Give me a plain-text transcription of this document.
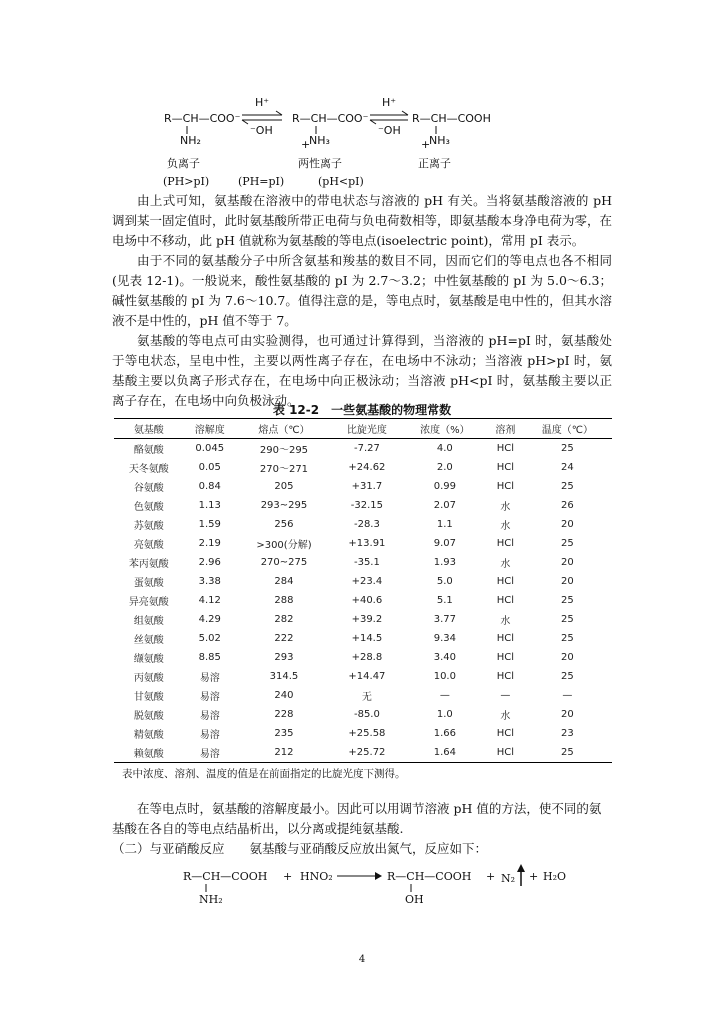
R—CH—COO⁻
NH₂
H⁺
⁻OH
R—CH—COO⁻
+
NH₃
H⁺
⁻OH
R—CH—COOH
+
NH₃
负离子	两性离子	正离子
(PH>pI)	(PH=pI)	(pH<pI)

由上式可知，氨基酸在溶液中的带电状态与溶液的 pH 有关。当将氨基酸溶液的 pH 调到某一固定值时，此时氨基酸所带正电荷与负电荷数相等，即氨基酸本身净电荷为零，在电场中不移动，此 pH 值就称为氨基酸的等电点(isoelectric point)，常用 pI 表示。

由于不同的氨基酸分子中所含氨基和羧基的数目不同，因而它们的等电点也各不相同(见表 12-1)。一般说来，酸性氨基酸的 pI 为 2.7～3.2；中性氨基酸的 pI 为 5.0～6.3；碱性氨基酸的 pI 为 7.6～10.7。值得注意的是，等电点时，氨基酸是电中性的，但其水溶液不是中性的，pH 值不等于 7。

氨基酸的等电点可由实验测得，也可通过计算得到，当溶液的 pH=pI 时，氨基酸处于等电状态，呈电中性，主要以两性离子存在，在电场中不泳动；当溶液 pH>pI 时，氨基酸主要以负离子形式存在，在电场中向正极泳动；当溶液 pH<pI 时，氨基酸主要以正离子存在，在电场中向负极泳动。

表 12-2　一些氨基酸的物理常数
氨基酸	溶解度	熔点（℃）	比旋光度	浓度（%）	溶剂	温度（℃）
酪氨酸	0.045	290～295	-7.27	4.0	HCl	25
天冬氨酸	0.05	270～271	+24.62	2.0	HCl	24
谷氨酸	0.84	205	+31.7	0.99	HCl	25
色氨酸	1.13	293~295	-32.15	2.07	水	26
苏氨酸	1.59	256	-28.3	1.1	水	20
亮氨酸	2.19	>300(分解)	+13.91	9.07	HCl	25
苯丙氨酸	2.96	270~275	-35.1	1.93	水	20
蛋氨酸	3.38	284	+23.4	5.0	HCl	20
异亮氨酸	4.12	288	+40.6	5.1	HCl	25
组氨酸	4.29	282	+39.2	3.77	水	25
丝氨酸	5.02	222	+14.5	9.34	HCl	25
缬氨酸	8.85	293	+28.8	3.40	HCl	20
丙氨酸	易溶	314.5	+14.47	10.0	HCl	25
甘氨酸	易溶	240	无	—	—	—
脱氨酸	易溶	228	-85.0	1.0	水	20
精氨酸	易溶	235	+25.58	1.66	HCl	23
赖氨酸	易溶	212	+25.72	1.64	HCl	25
表中浓度、溶剂、温度的值是在前面指定的比旋光度下测得。

在等电点时，氨基酸的溶解度最小。因此可以用调节溶液 pH 值的方法，使不同的氨基酸在各自的等电点结晶析出，以分离或提纯氨基酸.

（二）与亚硝酸反应　　氨基酸与亚硝酸反应放出氮气，反应如下：

R—CH—COOH
NH₂
+ HNO₂	R—CH—COOH
OH
+ N₂ + H₂O
4
